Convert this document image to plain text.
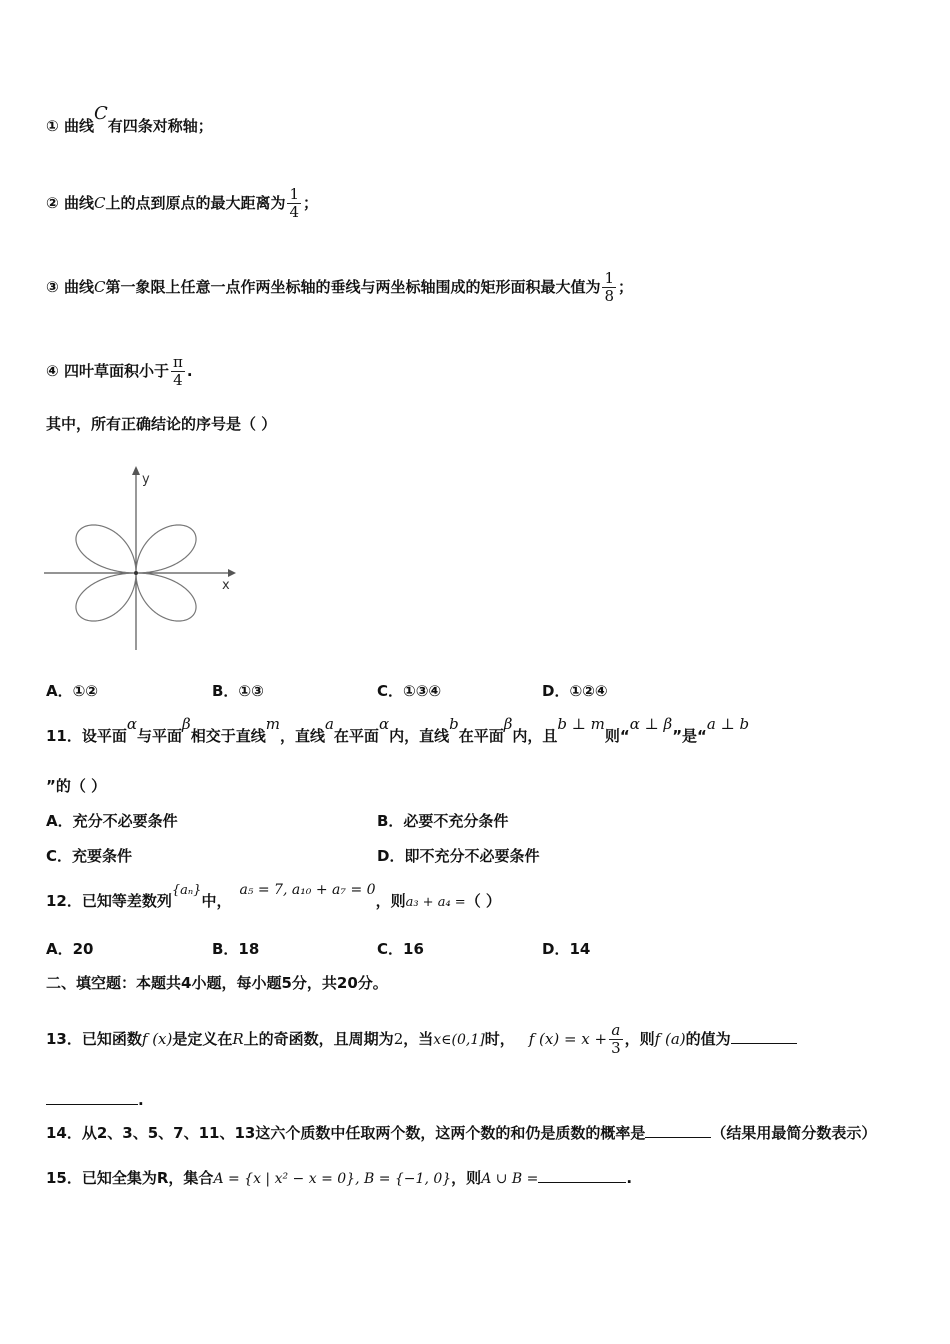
① 曲线C有四条对称轴；
② 曲线C上的点到原点的最大距离为 $\frac{1}{4}$ ；
③ 曲线C第一象限上任意一点作两坐标轴的垂线与两坐标轴围成的矩形面积最大值为 $\frac{1}{8}$ ；
④ 四叶草面积小于 $\frac{\pi}{4}$ .
其中，所有正确结论的序号是（ ）
y
x
A．①②	B．①③	C．①③④	D．①②④
11．设平面α与平面β相交于直线m，直线a在平面α内，直线b在平面β内，且b ⊥ m则“α ⊥ β”是“a ⊥ b
”的（ ）
A．充分不必要条件	B．必要不充分条件
C．充要条件	D．即不充分不必要条件
12．已知等差数列{aₙ}中，a₅ = 7, a₁₀ + a₇ = 0，则a₃ + a₄ =（ ）
A．20	B．18	C．16	D．14
二、填空题：本题共4小题，每小题5分，共20分。
13．已知函数f (x)是定义在R上的奇函数，且周期为2，当x∈(0,1]时， f $(x) = x + \frac{a}{3}$ ，则f (a)的值为
.
14．从2、3、5、7、11、13这六个质数中任取两个数，这两个数的和仍是质数的概率是	（结果用最简分数表示）
15．已知全集为R，集合A = {x | x² − x = 0}, B = {−1, 0}，则A ∪ B =	.
